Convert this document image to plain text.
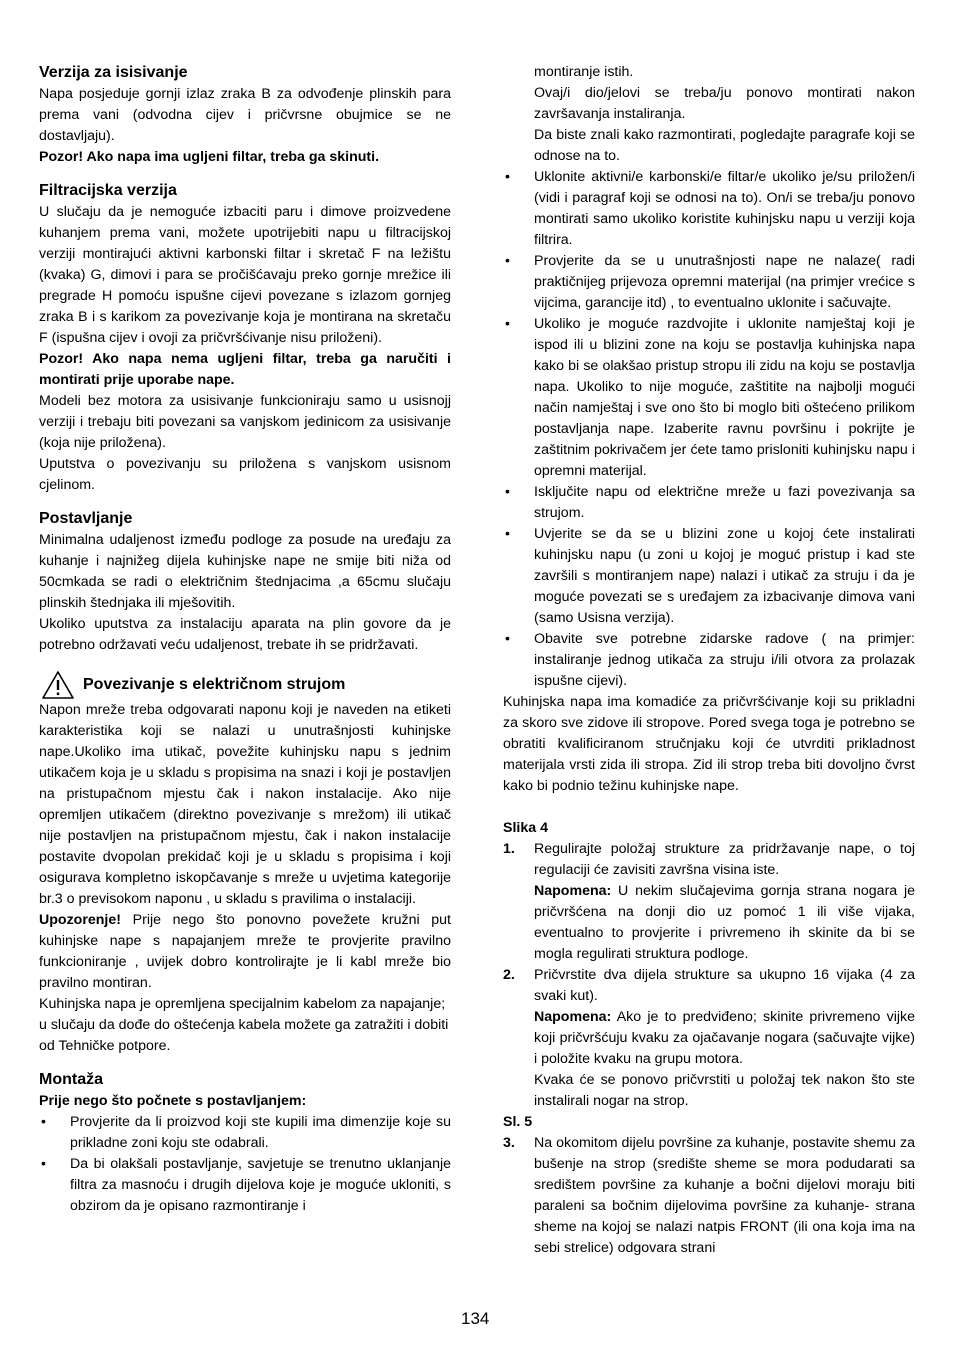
Verzija za isisivanje

Napa posjeduje gornji izlaz zraka B za odvođenje plinskih para prema vani (odvodna cijev i pričvrsne obujmice se ne dostavljaju).

Pozor! Ako napa ima ugljeni filtar, treba ga skinuti.

Filtracijska verzija

U slučaju da je nemoguće izbaciti paru i dimove proizvedene kuhanjem prema vani, možete upotrijebiti napu u filtracijskoj verziji montirajući aktivni karbonski filtar i skretač F na ležištu (kvaka) G, dimovi i para se pročišćavaju preko gornje mrežice ili pregrade H pomoću ispušne cijevi povezane s izlazom gornjeg zraka B i s karikom za povezivanje koja je montirana na skretaču F (ispušna cijev i ovoji za pričvršćivanje nisu priloženi).

Pozor! Ako napa nema ugljeni filtar, treba ga naručiti i montirati prije uporabe nape.

Modeli bez motora za usisivanje funkcioniraju samo u usisnojj verziji i trebaju biti povezani sa vanjskom jedinicom za usisivanje (koja nije priložena).

Uputstva o povezivanju su priložena s vanjskom usisnom cjelinom.

Postavljanje

Minimalna udaljenost između podloge za posude na uređaju za kuhanje i najnižeg dijela kuhinjske nape ne smije biti niža od 50cmkada se radi o električnim štednjacima ,a 65cmu slučaju plinskih štednjaka ili mješovitih.

Ukoliko uputstva za instalaciju aparata na plin govore da je potrebno održavati veću udaljenost, trebate ih se pridržavati.

Povezivanje s električnom strujom

Napon mreže treba odgovarati naponu koji je naveden na etiketi karakteristika koji se nalazi u unutrašnjosti kuhinjske nape.Ukoliko ima utikač, povežite kuhinjsku napu s jednim utikačem koja je u skladu s propisima na snazi i koji je postavljen na pristupačnom mjestu čak i nakon instalacije. Ako nije opremljen utikačem (direktno povezivanje s mrežom) ili utikač nije postavljen na pristupačnom mjestu, čak i nakon instalacije postavite dvopolan prekidač koji je u skladu s propisima i koji osigurava kompletno iskopčavanje s mreže u uvjetima kategorije br.3 o previsokom naponu , u skladu s pravilima o instalaciji.

Upozorenje! Prije nego što ponovno povežete kružni put kuhinjske nape s napajanjem mreže te provjerite pravilno funkcioniranje , uvijek dobro kontrolirajte je li kabl mreže bio pravilno montiran.

Kuhinjska napa je opremljena specijalnim kabelom za napajanje; u slučaju da dođe do oštećenja kabela možete ga zatražiti i dobiti od Tehničke potpore.

Montaža

Prije nego što počnete s postavljanjem:

• Provjerite da li proizvod koji ste kupili ima dimenzije koje su prikladne zoni koju ste odabrali.

• Da bi olakšali postavljanje, savjetuje se trenutno uklanjanje filtra za masnoću i drugih dijelova koje je moguće ukloniti, s obzirom da je opisano razmontiranje i

montiranje istih.

Ovaj/i dio/jelovi se treba/ju ponovo montirati nakon završavanja instaliranja.

Da biste znali kako razmontirati, pogledajte paragrafe koji se odnose na to.

• Uklonite aktivni/e karbonski/e filtar/e ukoliko je/su priložen/i (vidi i paragraf koji se odnosi na to). On/i se treba/ju ponovo montirati samo ukoliko koristite kuhinjsku napu u verziji koja filtrira.

• Provjerite da se u unutrašnjosti nape ne nalaze( radi praktičnijeg prijevoza opremni materijal (na primjer vrećice s vijcima, garancije itd) , to eventualno uklonite i sačuvajte.

• Ukoliko je moguće razdvojite i uklonite namještaj koji je ispod ili u blizini zone na koju se postavlja kuhinjska napa kako bi se olakšao pristup stropu ili zidu na koju se postavlja napa. Ukoliko to nije moguće, zaštitite na najbolji mogući način namještaj i sve ono što bi moglo biti oštećeno prilikom postavljanja nape. Izaberite ravnu površinu i pokrijte je zaštitnim pokrivačem jer ćete tamo prisloniti kuhinjsku napu i opremni materijal.

• Isključite napu od električne mreže u fazi povezivanja sa strujom.

• Uvjerite se da se u blizini zone u kojoj ćete instalirati kuhinjsku napu (u zoni u kojoj je moguć pristup i kad ste završili s montiranjem nape) nalazi i utikač za struju i da je moguće povezati se s uređajem za izbacivanje dimova vani (samo Usisna verzija).

• Obavite sve potrebne zidarske radove ( na primjer: instaliranje jednog utikača za struju i/ili otvora za prolazak ispušne cijevi).

Kuhinjska napa ima komadiće za pričvršćivanje koji su prikladni za skoro sve zidove ili stropove. Pored svega toga je potrebno se obratiti kvalificiranom stručnjaku koji će utvrditi prikladnost materijala vrsti zida ili stropa. Zid ili strop treba biti dovoljno čvrst kako bi podnio težinu kuhinjske nape.

Slika 4

1. Regulirajte položaj strukture za pridržavanje nape, o toj regulaciji će zavisiti završna visina iste.

Napomena: U nekim slučajevima gornja strana nogara je pričvršćena na donji dio uz pomoć 1 ili više vijaka, eventualno to provjerite i privremeno ih skinite da bi se mogla regulirati struktura podloge.

2. Pričvrstite dva dijela strukture sa ukupno 16 vijaka (4 za svaki kut).

Napomena: Ako je to predviđeno; skinite privremeno vijke koji pričvršćuju kvaku za ojačavanje nogara (sačuvajte vijke) i položite kvaku na grupu motora.

Kvaka će se ponovo pričvrstiti u položaj tek nakon što ste instalirali nogar na strop.

Sl. 5

3. Na okomitom dijelu površine za kuhanje, postavite shemu za bušenje na strop (središte sheme se mora podudarati sa središtem površine za kuhanje a bočni dijelovi moraju biti paraleni sa bočnim dijelovima površine za kuhanje- strana sheme na kojoj se nalazi natpis FRONT (ili ona koja ima na sebi strelice) odgovara strani

134
